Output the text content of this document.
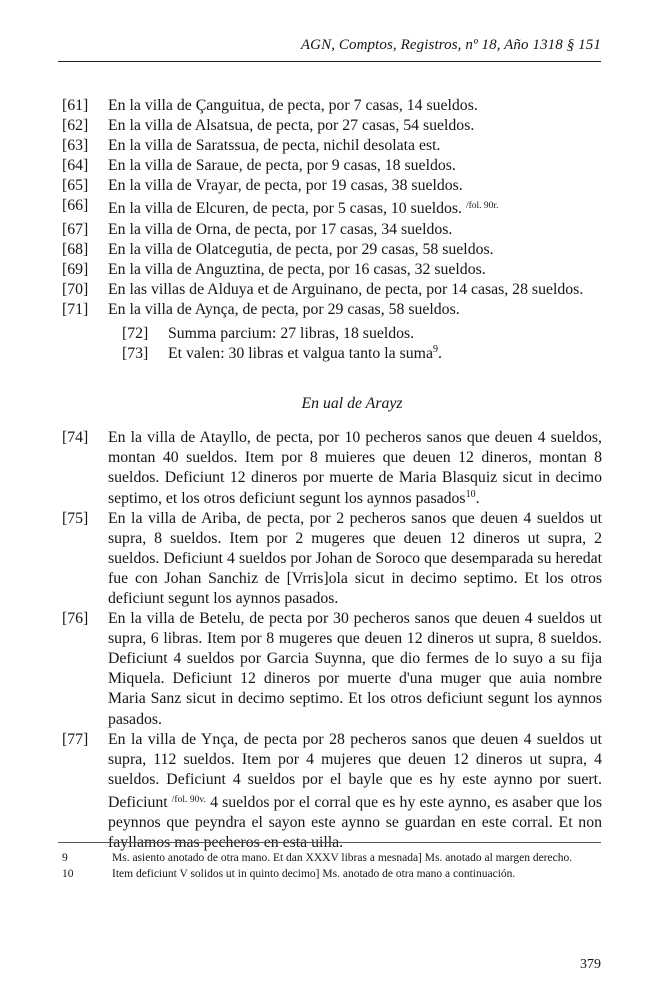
AGN, Comptos, Registros, nº 18, Año 1318 § 151
[61]	En la villa de Çanguitua, de pecta, por 7 casas, 14 sueldos.
[62]	En la villa de Alsatsua, de pecta, por 27 casas, 54 sueldos.
[63]	En la villa de Saratssua, de pecta, nichil desolata est.
[64]	En la villa de Saraue, de pecta, por 9 casas, 18 sueldos.
[65]	En la villa de Vrayar, de pecta, por 19 casas, 38 sueldos.
[66]	En la villa de Elcuren, de pecta, por 5 casas, 10 sueldos. $^{/fol. 90r.}$
[67]	En la villa de Orna, de pecta, por 17 casas, 34 sueldos.
[68]	En la villa de Olatcegutia, de pecta, por 29 casas, 58 sueldos.
[69]	En la villa de Anguztina, de pecta, por 16 casas, 32 sueldos.
[70]	En las villas de Alduya et de Arguinano, de pecta, por 14 casas, 28 sueldos.
[71]	En la villa de Aynça, de pecta, por 29 casas, 58 sueldos.
[72]	Summa parcium: 27 libras, 18 sueldos.
[73]	Et valen: 30 libras et valgua tanto la suma$^9$.
En ual de Arayz
[74]	En la villa de Atayllo, de pecta, por 10 pecheros sanos que deuen 4 sueldos, montan 40 sueldos. Item por 8 muieres que deuen 12 dineros, montan 8 sueldos. Deficiunt 12 dineros por muerte de Maria Blasquiz sicut in decimo septimo, et los otros deficiunt segunt los aynnos pasados$^{10}$.
[75]	En la villa de Ariba, de pecta, por 2 pecheros sanos que deuen 4 sueldos ut supra, 8 sueldos. Item por 2 mugeres que deuen 12 dineros ut supra, 2 sueldos. Deficiunt 4 sueldos por Johan de Soroco que desemparada su heredat fue con Johan Sanchiz de [Vrris]ola sicut in decimo septimo. Et los otros deficiunt segunt los aynnos pasados.
[76]	En la villa de Betelu, de pecta por 30 pecheros sanos que deuen 4 sueldos ut supra, 6 libras. Item por 8 mugeres que deuen 12 dineros ut supra, 8 sueldos. Deficiunt 4 sueldos por Garcia Suynna, que dio fermes de lo suyo a su fija Miquela. Deficiunt 12 dineros por muerte d'una muger que auia nombre Maria Sanz sicut in decimo septimo. Et los otros deficiunt segunt los aynnos pasados.
[77]	En la villa de Ynça, de pecta por 28 pecheros sanos que deuen 4 sueldos ut supra, 112 sueldos. Item por 4 mujeres que deuen 12 dineros ut supra, 4 sueldos. Deficiunt 4 sueldos por el bayle que es hy este aynno por suert. Deficiunt $^{/fol. 90v.}$ 4 sueldos por el corral que es hy este aynno, es asaber que los peynnos que peyndra el sayon este aynno se guardan en este corral. Et non fayllamos mas pecheros en esta uilla.
9	Ms. asiento anotado de otra mano. Et dan XXXV libras a mesnada] Ms. anotado al margen derecho.
10	Item deficiunt V solidos ut in quinto decimo] Ms. anotado de otra mano a continuación.
379
